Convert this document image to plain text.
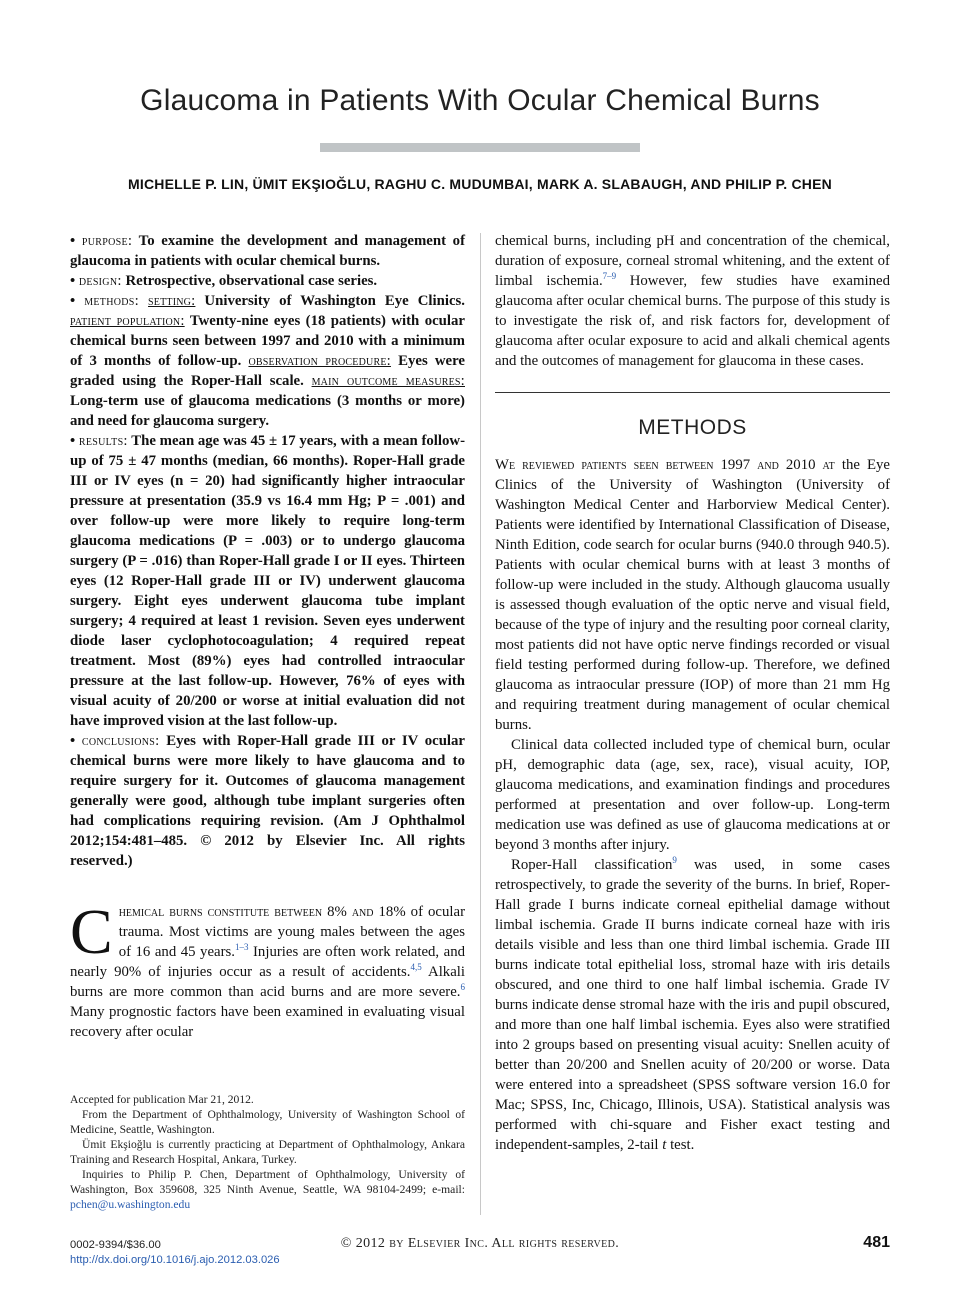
Glaucoma in Patients With Ocular Chemical Burns
MICHELLE P. LIN, ÜMIT EKŞIOĞLU, RAGHU C. MUDUMBAI, MARK A. SLABAUGH, AND PHILIP P. CHEN

• purpose: To examine the development and management of glaucoma in patients with ocular chemical burns.

• design: Retrospective, observational case series.

• methods: setting: University of Washington Eye Clinics. patient population: Twenty-nine eyes (18 patients) with ocular chemical burns seen between 1997 and 2010 with a minimum of 3 months of follow-up. observation procedure: Eyes were graded using the Roper-Hall scale. main outcome measures: Long-term use of glaucoma medications (3 months or more) and need for glaucoma surgery.

• results: The mean age was 45 ± 17 years, with a mean follow-up of 75 ± 47 months (median, 66 months). Roper-Hall grade III or IV eyes (n = 20) had significantly higher intraocular pressure at presentation (35.9 vs 16.4 mm Hg; P = .001) and over follow-up were more likely to require long-term glaucoma medications (P = .003) or to undergo glaucoma surgery (P = .016) than Roper-Hall grade I or II eyes. Thirteen eyes (12 Roper-Hall grade III or IV) underwent glaucoma surgery. Eight eyes underwent glaucoma tube implant surgery; 4 required at least 1 revision. Seven eyes underwent diode laser cyclophotocoagulation; 4 required repeat treatment. Most (89%) eyes had controlled intraocular pressure at the last follow-up. However, 76% of eyes with visual acuity of 20/200 or worse at initial evaluation did not have improved vision at the last follow-up.

• conclusions: Eyes with Roper-Hall grade III or IV ocular chemical burns were more likely to have glaucoma and to require surgery for it. Outcomes of glaucoma management generally were good, although tube implant surgeries often had complications requiring revision. (Am J Ophthalmol 2012;154:481–485. © 2012 by Elsevier Inc. All rights reserved.)

Chemical burns constitute between 8% and 18% of ocular trauma. Most victims are young males between the ages of 16 and 45 years.$^{1-3}$ Injuries are often work related, and nearly 90% of injuries occur as a result of accidents.$^{4,5}$ Alkali burns are more common than acid burns and are more severe.$^6$ Many prognostic factors have been examined in evaluating visual recovery after ocular

Accepted for publication Mar 21, 2012.

From the Department of Ophthalmology, University of Washington School of Medicine, Seattle, Washington.

Ümit Ekşioğlu is currently practicing at Department of Ophthalmology, Ankara Training and Research Hospital, Ankara, Turkey.

Inquiries to Philip P. Chen, Department of Ophthalmology, University of Washington, Box 359608, 325 Ninth Avenue, Seattle, WA 98104-2499; e-mail: pchen@u.washington.edu

chemical burns, including pH and concentration of the chemical, duration of exposure, corneal stromal whitening, and the extent of limbal ischemia.$^{7-9}$ However, few studies have examined glaucoma after ocular chemical burns. The purpose of this study is to investigate the risk of, and risk factors for, development of glaucoma after ocular exposure to acid and alkali chemical agents and the outcomes of management for glaucoma in these cases.

METHODS

We reviewed patients seen between 1997 and 2010 at the Eye Clinics of the University of Washington (University of Washington Medical Center and Harborview Medical Center). Patients were identified by International Classification of Disease, Ninth Edition, code search for ocular burns (940.0 through 940.5). Patients with ocular chemical burns with at least 3 months of follow-up were included in the study. Although glaucoma usually is assessed though evaluation of the optic nerve and visual field, because of the type of injury and the resulting poor corneal clarity, most patients did not have optic nerve findings recorded or visual field testing performed during follow-up. Therefore, we defined glaucoma as intraocular pressure (IOP) of more than 21 mm Hg and requiring treatment during management of ocular chemical burns.

Clinical data collected included type of chemical burn, ocular pH, demographic data (age, sex, race), visual acuity, IOP, glaucoma medications, and examination findings and procedures performed at presentation and over follow-up. Long-term medication use was defined as use of glaucoma medications at or beyond 3 months after injury.

Roper-Hall classification$^9$ was used, in some cases retrospectively, to grade the severity of the burns. In brief, Roper-Hall grade I burns indicate corneal epithelial damage without limbal ischemia. Grade II burns indicate corneal haze with iris details visible and less than one third limbal ischemia. Grade III burns indicate total epithelial loss, stromal haze with iris details obscured, and one third to one half limbal ischemia. Grade IV burns indicate dense stromal haze with the iris and pupil obscured, and more than one half limbal ischemia. Eyes also were stratified into 2 groups based on presenting visual acuity: Snellen acuity of better than 20/200 and Snellen acuity of 20/200 or worse. Data were entered into a spreadsheet (SPSS software version 16.0 for Mac; SPSS, Inc, Chicago, Illinois, USA). Statistical analysis was performed with chi-square and Fisher exact testing and independent-samples, 2-tail t test.

0002-9394/$36.00
http://dx.doi.org/10.1016/j.ajo.2012.03.026
© 2012 by Elsevier Inc. All rights reserved.	481
